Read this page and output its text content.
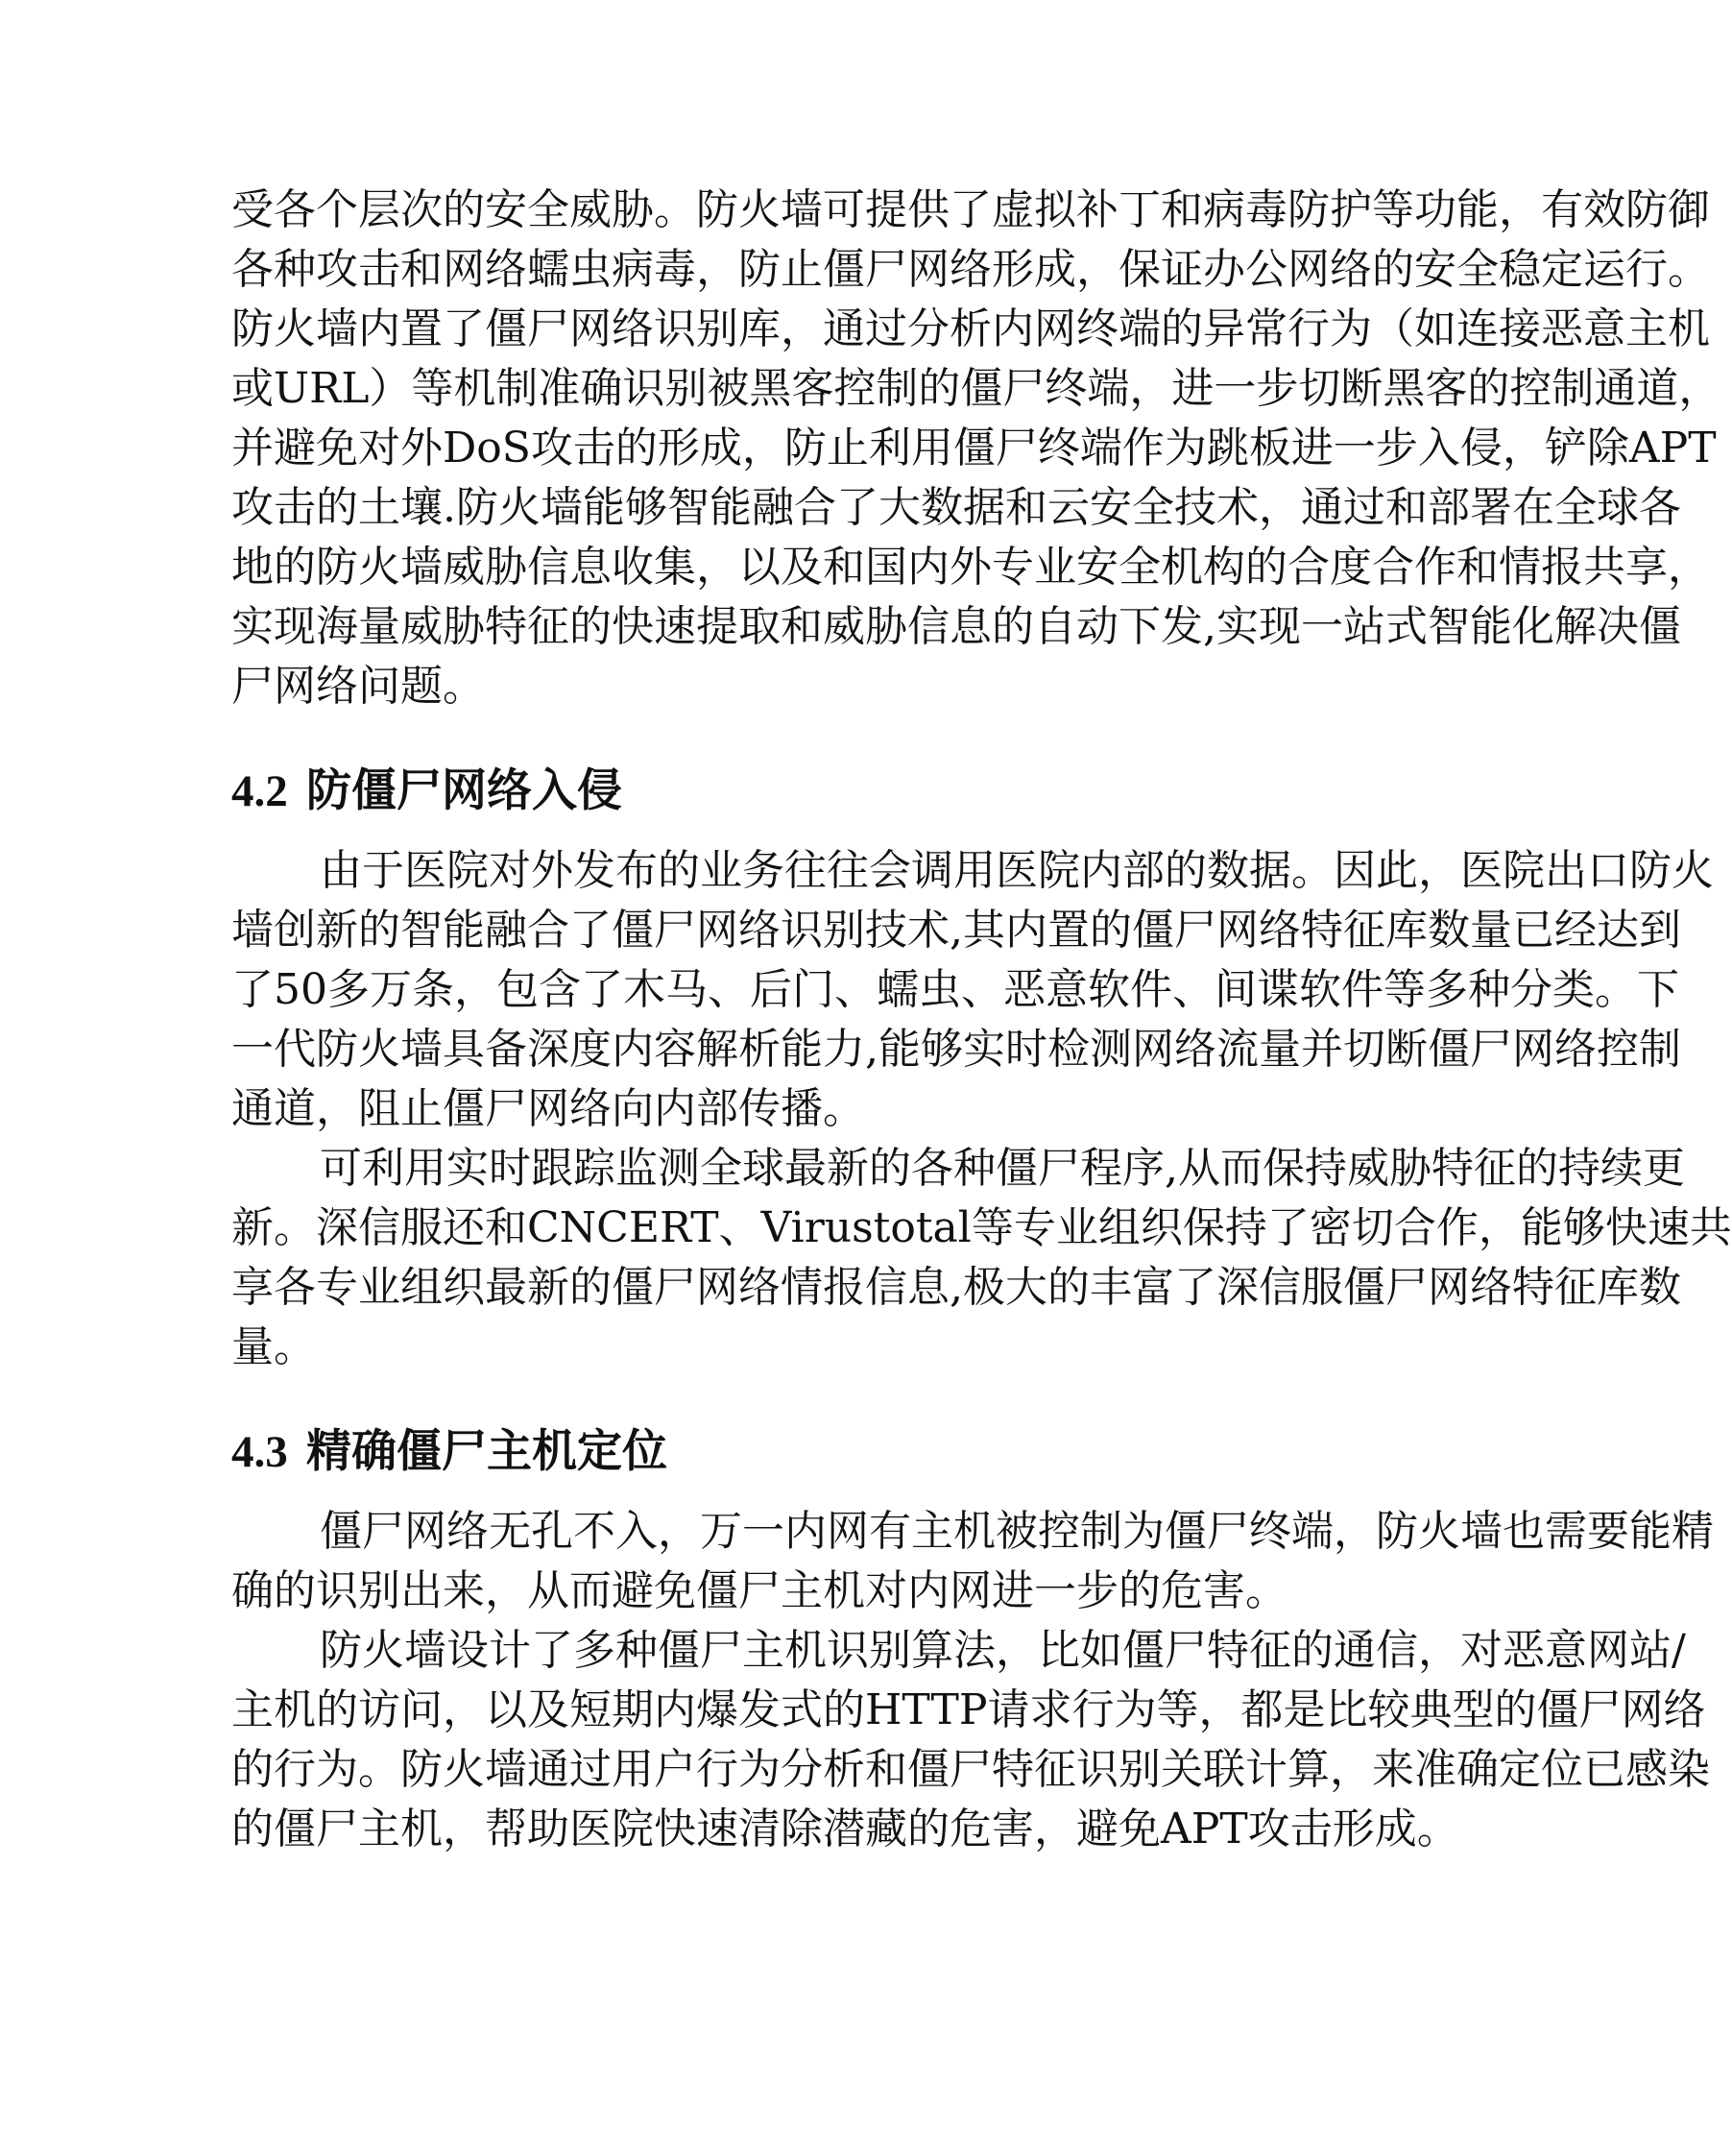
受各个层次的安全威胁。防火墙可提供了虚拟补丁和病毒防护等功能，有效防御
各种攻击和网络蠕虫病毒，防止僵尸网络形成，保证办公网络的安全稳定运行。
防火墙内置了僵尸网络识别库，通过分析内网终端的异常行为（如连接恶意主机
或URL）等机制准确识别被黑客控制的僵尸终端，进一步切断黑客的控制通道，
并避免对外DoS攻击的形成，防止利用僵尸终端作为跳板进一步入侵，铲除APT
攻击的土壤.防火墙能够智能融合了大数据和云安全技术，通过和部署在全球各
地的防火墙威胁信息收集，以及和国内外专业安全机构的合度合作和情报共享，
实现海量威胁特征的快速提取和威胁信息的自动下发,实现一站式智能化解决僵
尸网络问题。
4.2 防僵尸网络入侵
由于医院对外发布的业务往往会调用医院内部的数据。因此，医院出口防火
墙创新的智能融合了僵尸网络识别技术,其内置的僵尸网络特征库数量已经达到
了50多万条，包含了木马、后门、蠕虫、恶意软件、间谍软件等多种分类。下
一代防火墙具备深度内容解析能力,能够实时检测网络流量并切断僵尸网络控制
通道，阻止僵尸网络向内部传播。
可利用实时跟踪监测全球最新的各种僵尸程序,从而保持威胁特征的持续更
新。深信服还和CNCERT、Virustotal等专业组织保持了密切合作，能够快速共
享各专业组织最新的僵尸网络情报信息,极大的丰富了深信服僵尸网络特征库数
量。
4.3 精确僵尸主机定位
僵尸网络无孔不入，万一内网有主机被控制为僵尸终端，防火墙也需要能精
确的识别出来，从而避免僵尸主机对内网进一步的危害。
防火墙设计了多种僵尸主机识别算法，比如僵尸特征的通信，对恶意网站/
主机的访问，以及短期内爆发式的HTTP请求行为等，都是比较典型的僵尸网络
的行为。防火墙通过用户行为分析和僵尸特征识别关联计算，来准确定位已感染
的僵尸主机，帮助医院快速清除潜藏的危害，避免APT攻击形成。
